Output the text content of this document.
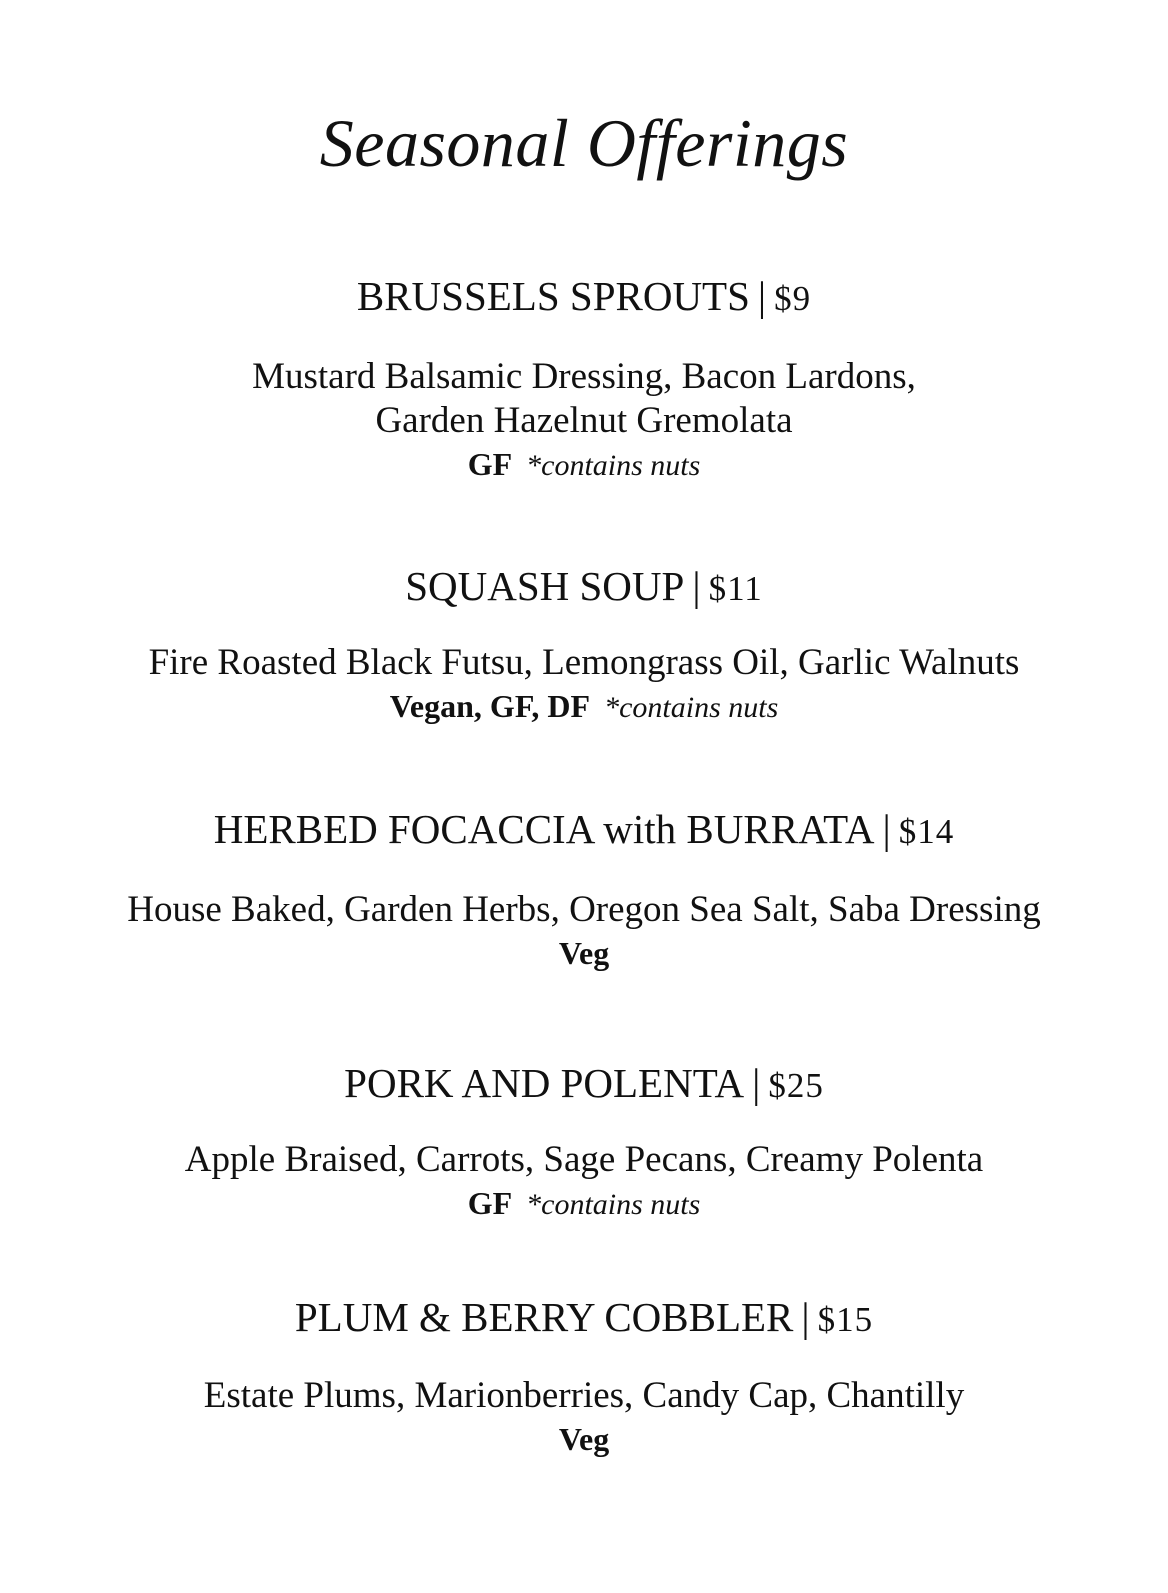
Seasonal Offerings

BRUSSELS SPROUTS | $9

Mustard Balsamic Dressing, Bacon Lardons,

Garden Hazelnut Gremolata

GF *contains nuts

SQUASH SOUP | $11

Fire Roasted Black Futsu, Lemongrass Oil, Garlic Walnuts

Vegan, GF, DF *contains nuts

HERBED FOCACCIA with BURRATA | $14

House Baked, Garden Herbs, Oregon Sea Salt, Saba Dressing

Veg

PORK AND POLENTA | $25

Apple Braised, Carrots, Sage Pecans, Creamy Polenta

GF *contains nuts

PLUM & BERRY COBBLER | $15

Estate Plums, Marionberries, Candy Cap, Chantilly

Veg
